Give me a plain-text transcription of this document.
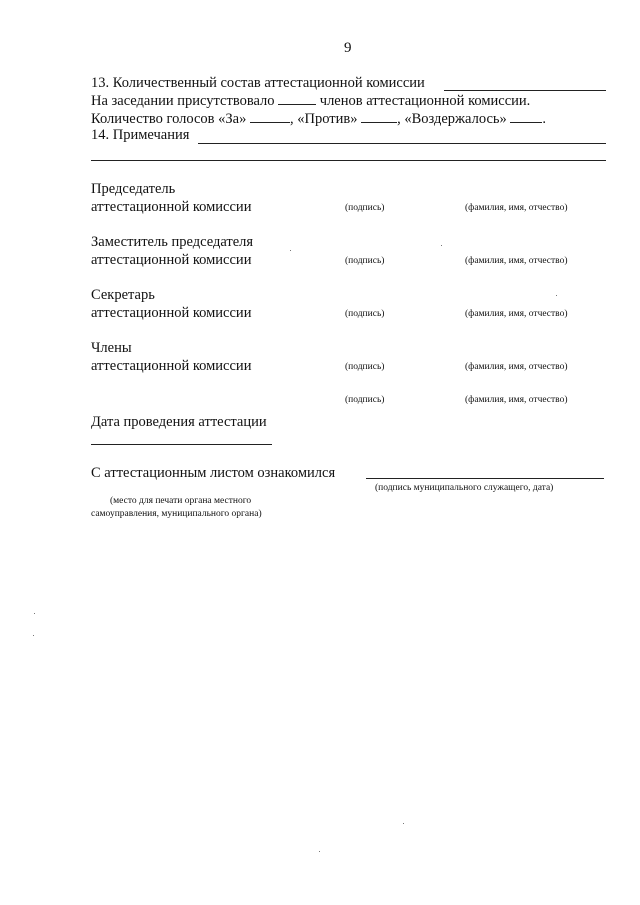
9
13. Количественный состав аттестационной комиссии
На заседании присутствовало	членов аттестационной комиссии.
Количество голосов «За»	, «Против»	, «Воздержалось» .
14. Примечания
Председатель
аттестационной комиссии	(подпись)	(фамилия, имя, отчество)
Заместитель председателя
аттестационной комиссии	(подпись)	(фамилия, имя, отчество)
Секретарь
аттестационной комиссии	(подпись)	(фамилия, имя, отчество)
Члены
аттестационной комиссии	(подпись)	(фамилия, имя, отчество)
(подпись)	(фамилия, имя, отчество)
Дата проведения аттестации
С аттестационным листом ознакомился
(подпись муниципального служащего, дата)
(место для печати органа местного
самоуправления, муниципального органа)
